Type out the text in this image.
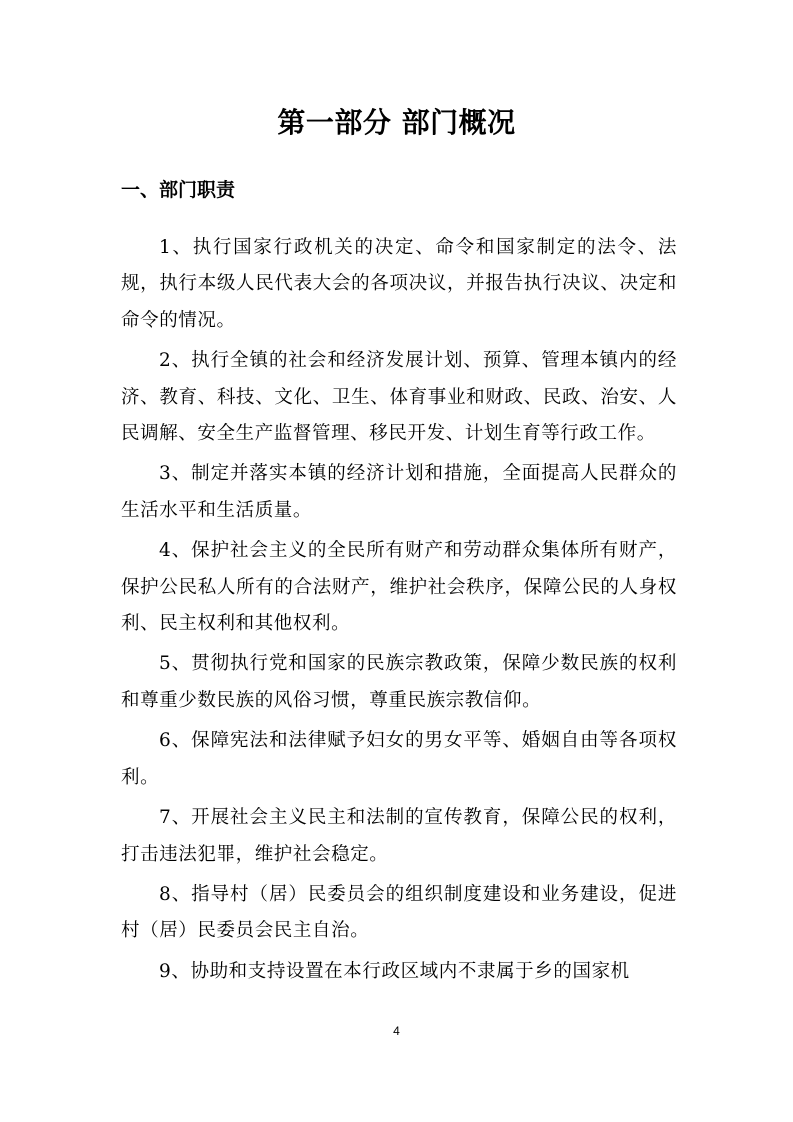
第一部分 部门概况
一、部门职责

1、执行国家行政机关的决定、命令和国家制定的法令、法规，执行本级人民代表大会的各项决议，并报告执行决议、决定和命令的情况。

2、执行全镇的社会和经济发展计划、预算、管理本镇内的经济、教育、科技、文化、卫生、体育事业和财政、民政、治安、人民调解、安全生产监督管理、移民开发、计划生育等行政工作。

3、制定并落实本镇的经济计划和措施，全面提高人民群众的生活水平和生活质量。

4、保护社会主义的全民所有财产和劳动群众集体所有财产，保护公民私人所有的合法财产，维护社会秩序，保障公民的人身权利、民主权利和其他权利。

5、贯彻执行党和国家的民族宗教政策，保障少数民族的权利和尊重少数民族的风俗习惯，尊重民族宗教信仰。

6、保障宪法和法律赋予妇女的男女平等、婚姻自由等各项权利。

7、开展社会主义民主和法制的宣传教育，保障公民的权利，打击违法犯罪，维护社会稳定。

8、指导村（居）民委员会的组织制度建设和业务建设，促进村（居）民委员会民主自治。

9、协助和支持设置在本行政区域内不隶属于乡的国家机

4
